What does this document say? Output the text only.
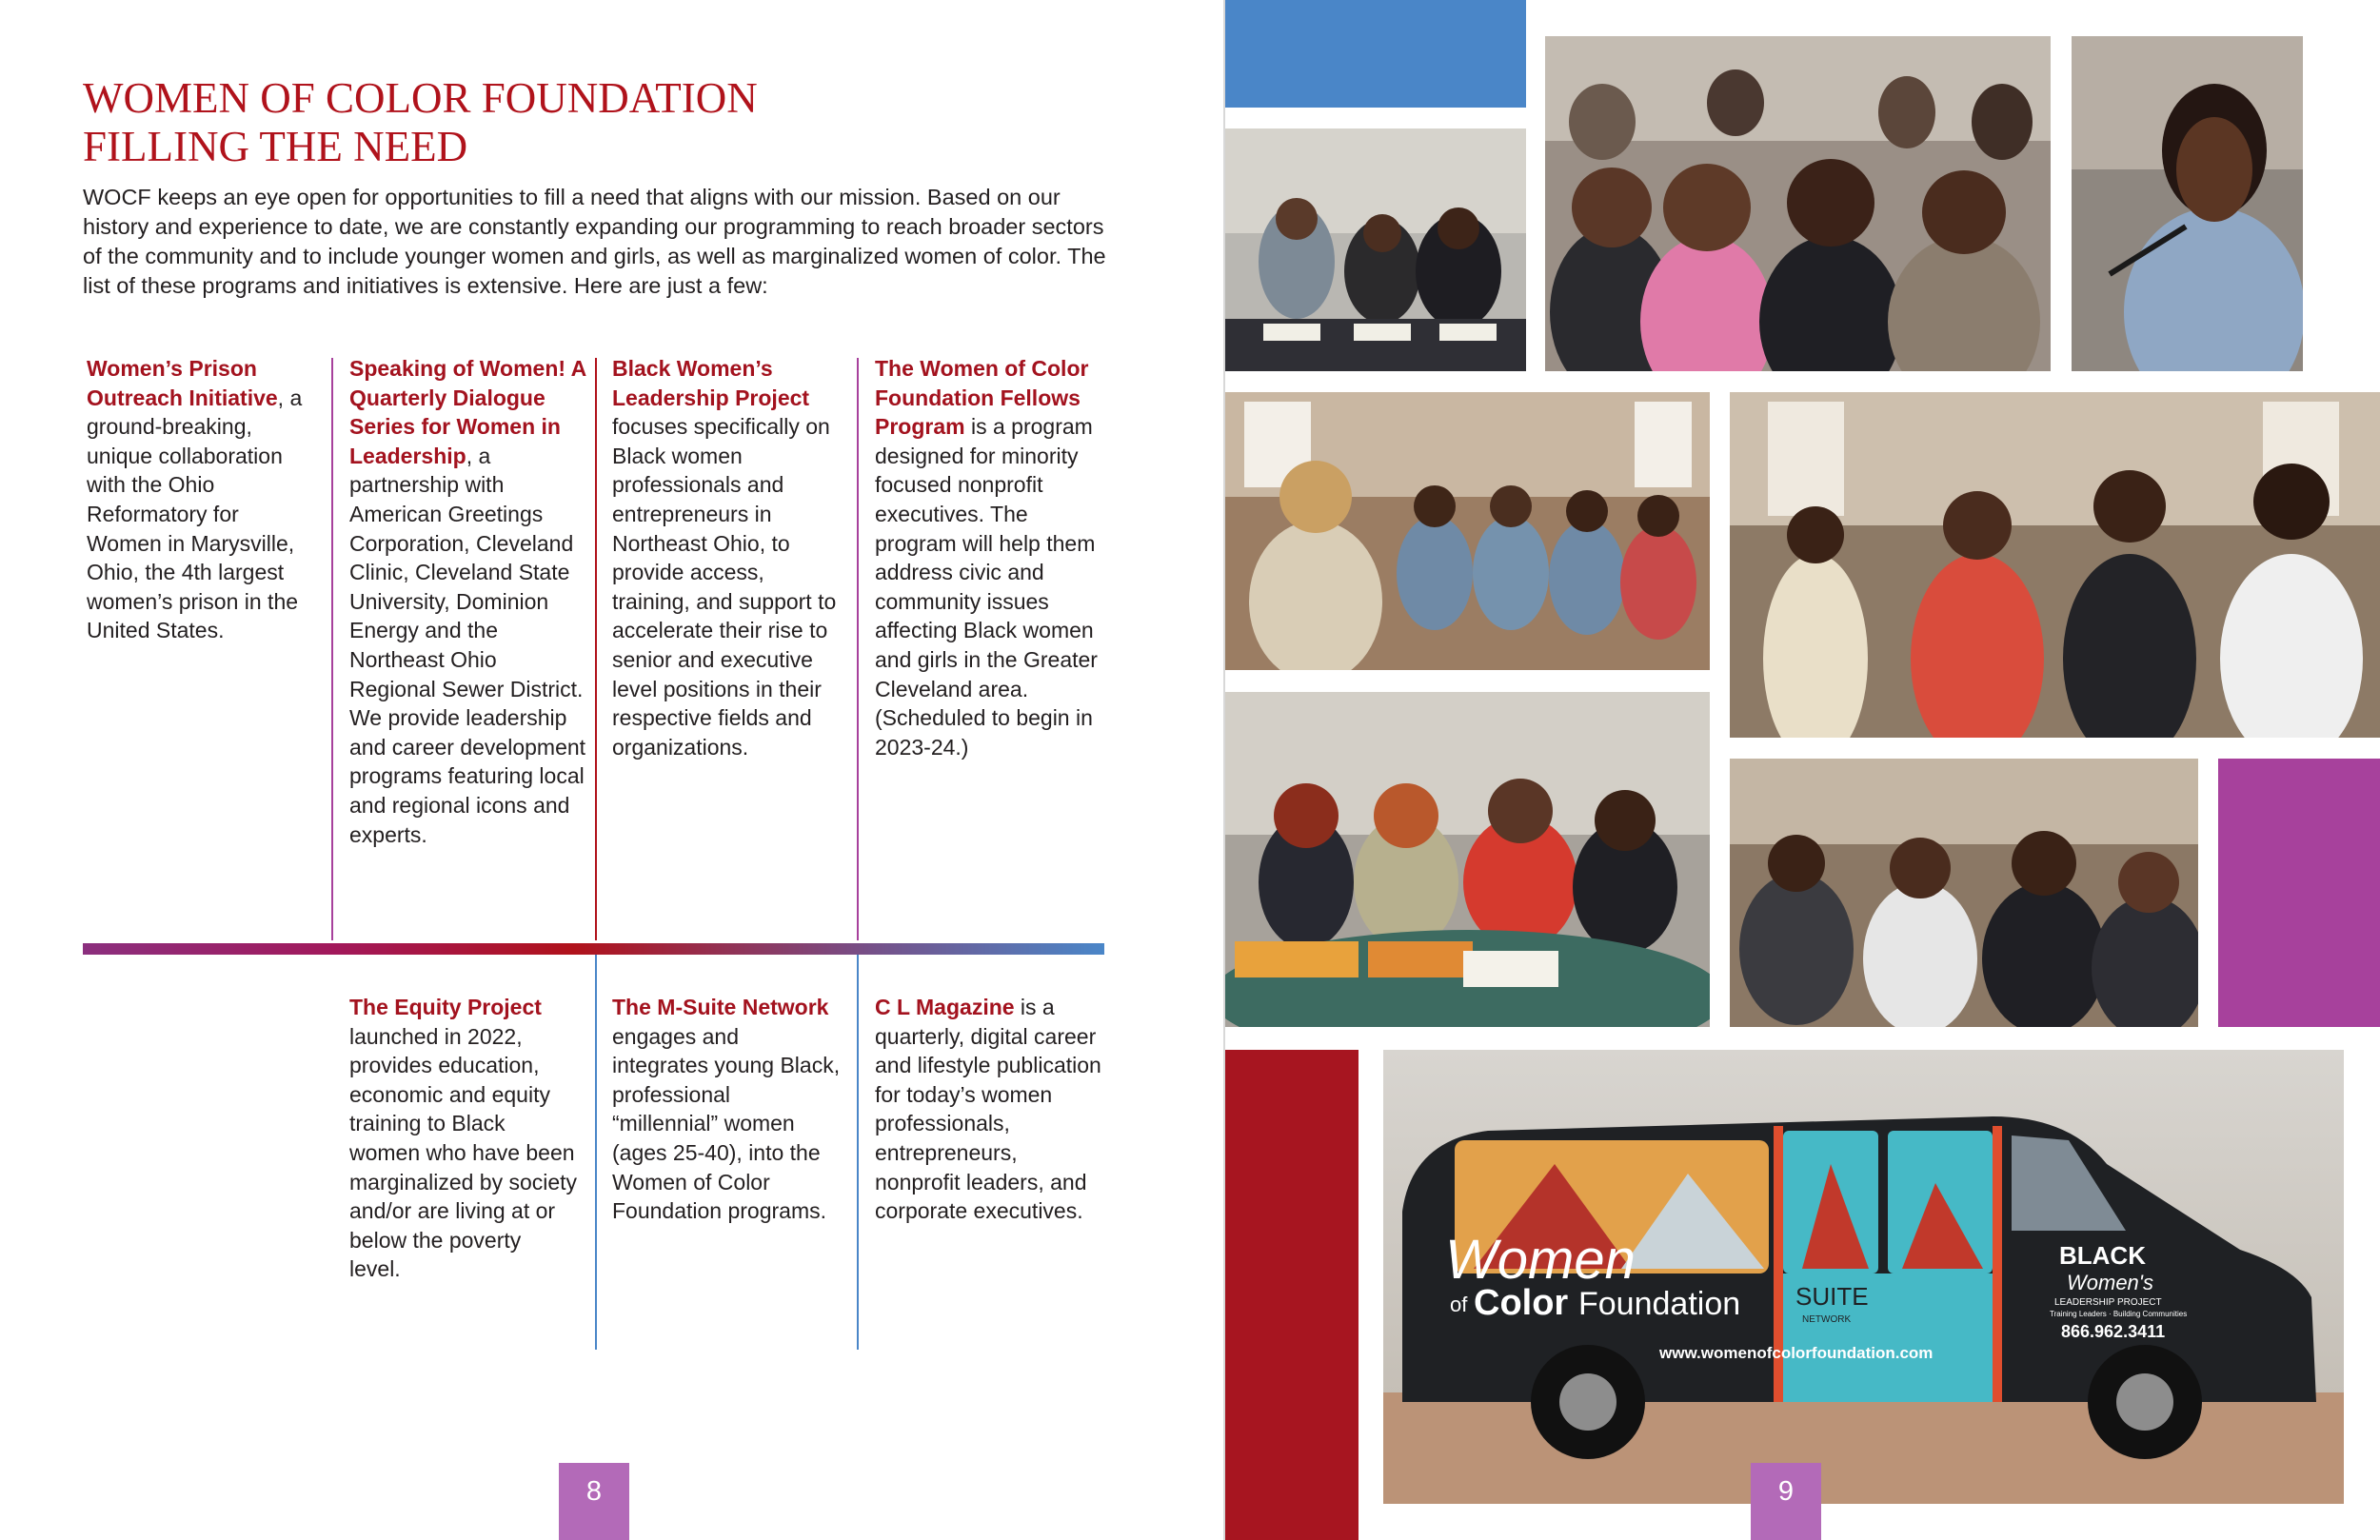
WOMEN OF COLOR FOUNDATION
FILLING THE NEED

WOCF keeps an eye open for opportunities to fill a need that aligns with our mission. Based on our history and experience to date, we are constantly expanding our programming to reach broader sectors of the community and to include younger women and girls, as well as marginalized women of color. The list of these programs and initiatives is extensive. Here are just a few:

Women’s Prison Outreach Initiative, a ground-breaking, unique collaboration with the Ohio Reformatory for Women in Marysville, Ohio, the 4th largest women’s prison in the United States.
Speaking of Women! A Quarterly Dialogue Series for Women in Leadership, a partnership with American Greetings Corporation, Cleveland Clinic, Cleveland State University, Dominion Energy and the Northeast Ohio Regional Sewer District. We provide leadership and career development programs featuring local and regional icons and experts.
Black Women’s Leadership Project focuses specifically on Black women professionals and entrepreneurs in Northeast Ohio, to provide access, training, and support to accelerate their rise to senior and executive level positions in their respective fields and organizations.
The Women of Color Foundation Fellows Program is a program designed for minority focused nonprofit executives. The program will help them address civic and community issues affecting Black women and girls in the Greater Cleveland area. (Scheduled to begin in 2023-24.)
The Equity Project launched in 2022, provides education, economic and equity training to Black women who have been marginalized by society and/or are living at or below the poverty level.
The M-Suite Network engages and integrates young Black, professional “millennial” women (ages 25-40), into the Women of Color Foundation programs.
C L Magazine is a quarterly, digital career and lifestyle publication for today’s women professionals, entrepreneurs, nonprofit leaders, and corporate executives.
8
Women
of Color Foundation SUITE
NETWORK
BLACK
Women's
LEADERSHIP PROJECT
Training Leaders · Building Communities
866.962.3411
www.womenofcolorfoundation.com
9
